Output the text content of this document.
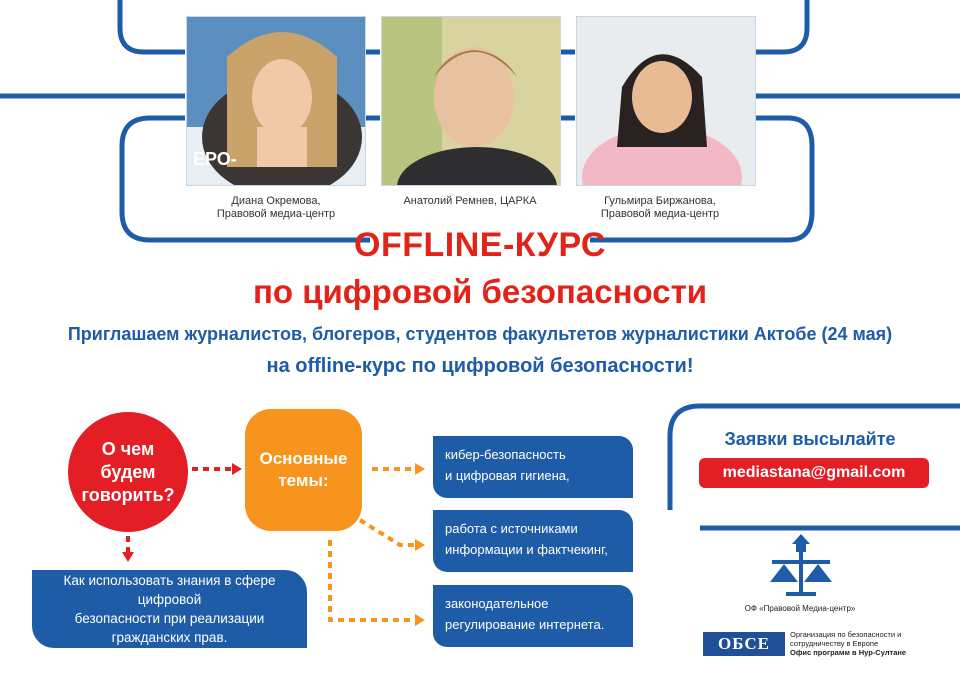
ЕРО-
Диана Окремова,
Правовой медиа-центр
Анатолий Ремнев, ЦАРКА	Гульмира Биржанова,
Правовой медиа-центр
OFFLINE-КУРС
по цифровой безопасности
Приглашаем журналистов, блогеров, студентов факультетов журналистики Актобе (24 мая)
на offline-курс по цифровой безопасности!
О чем
будем
говорить?
Основные
темы:
кибер-безопасность
и цифровая гигиена,
работа с источниками
информации и фактчекинг,
законодательное
регулирование интернета.
Как использовать знания в сфере цифровой
безопасности при реализации
гражданских прав.
Заявки высылайте
mediastana@gmail.com
ОФ «Правовой Медиа-центр»
ОБСЕ	Организация по безопасности и
сотрудничеству в Европе
Офис программ в Нур-Султане
